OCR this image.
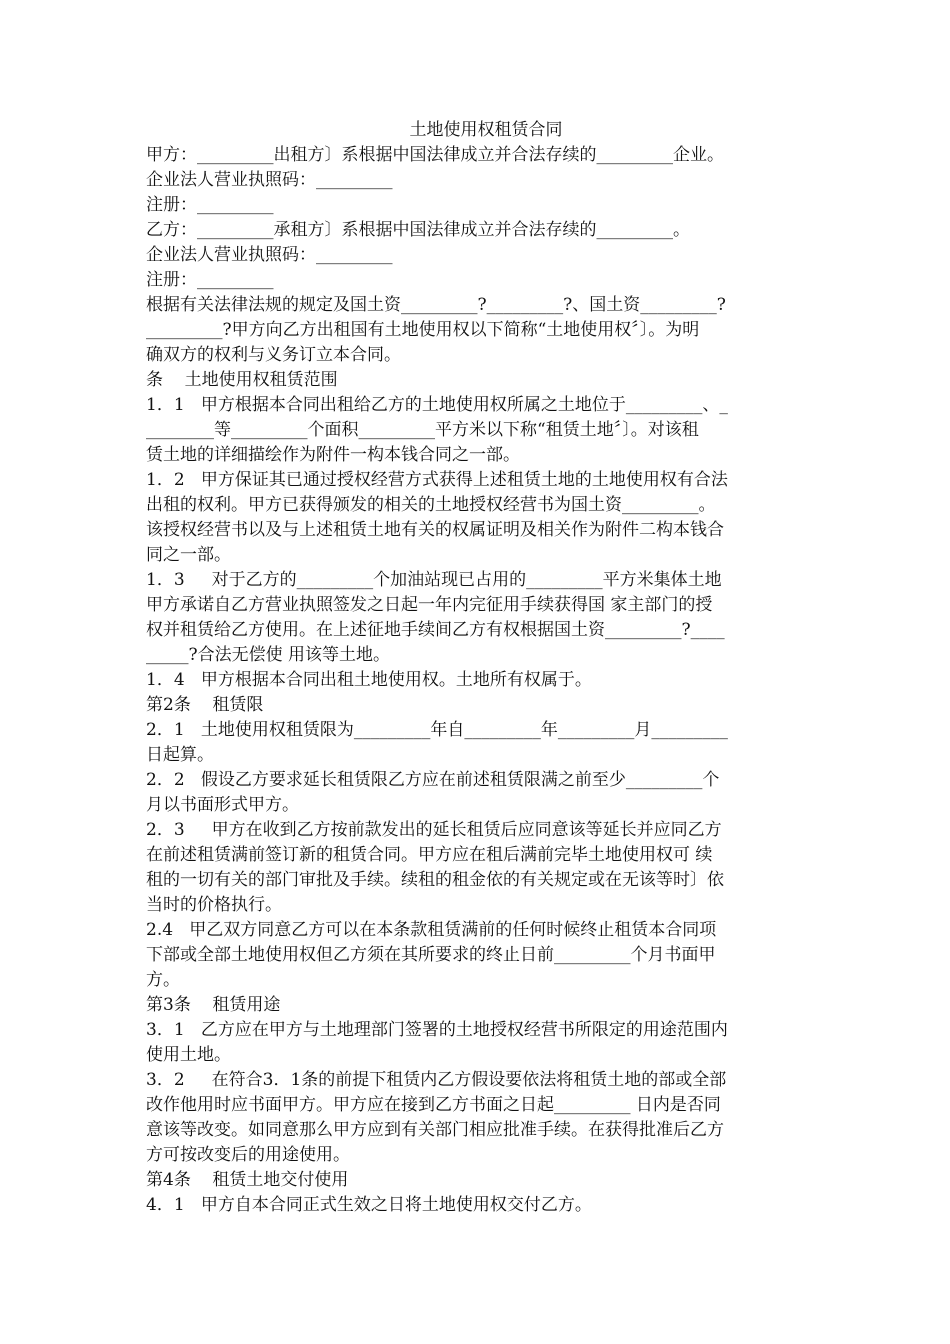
土地使用权租赁合同

甲方：_________出租方〕系根据中国法律成立并合法存续的_________企业。

企业法人营业执照码：_________

注册：_________

乙方：_________承租方〕系根据中国法律成立并合法存续的_________。

企业法人营业执照码：_________

注册：_________

根据有关法律法规的规定及国土资_________?_________?、国土资_________?
_________?甲方向乙方出租国有土地使用权以下简称“土地使用权〞〕。为明
确双方的权利与义务订立本合同。

条    土地使用权租赁范围

1．1   甲方根据本合同出租给乙方的土地使用权所属之土地位于_________、_
________等_________个面积_________平方米以下称“租赁土地〞〕。对该租
赁土地的详细描绘作为附件一构本钱合同之一部。

1．2   甲方保证其已通过授权经营方式获得上述租赁土地的土地使用权有合法
出租的权利。甲方已获得颁发的相关的土地授权经营书为国土资_________。
该授权经营书以及与上述租赁土地有关的权属证明及相关作为附件二构本钱合
同之一部。

1．3     对于乙方的_________个加油站现已占用的_________平方米集体土地
甲方承诺自乙方营业执照签发之日起一年内完征用手续获得国 家主部门的授
权并租赁给乙方使用。在上述征地手续间乙方有权根据国土资_________?____
_____?合法无偿使 用该等土地。

1．4   甲方根据本合同出租土地使用权。土地所有权属于。

第2条    租赁限

2．1   土地使用权租赁限为_________年自_________年_________月_________
日起算。

2．2   假设乙方要求延长租赁限乙方应在前述租赁限满之前至少_________个
月以书面形式甲方。

2．3     甲方在收到乙方按前款发出的延长租赁后应同意该等延长并应同乙方
在前述租赁满前签订新的租赁合同。甲方应在租后满前完毕土地使用权可 续
租的一切有关的部门审批及手续。续租的租金依的有关规定或在无该等时〕依
当时的价格执行。

2.4   甲乙双方同意乙方可以在本条款租赁满前的任何时候终止租赁本合同项
下部或全部土地使用权但乙方须在其所要求的终止日前_________个月书面甲
方。

第3条    租赁用途

3．1   乙方应在甲方与土地理部门签署的土地授权经营书所限定的用途范围内
使用土地。

3．2     在符合3．1条的前提下租赁内乙方假设要依法将租赁土地的部或全部
改作他用时应书面甲方。甲方应在接到乙方书面之日起_________ 日内是否同
意该等改变。如同意那么甲方应到有关部门相应批准手续。在获得批准后乙方
方可按改变后的用途使用。

第4条    租赁土地交付使用

4．1   甲方自本合同正式生效之日将土地使用权交付乙方。
